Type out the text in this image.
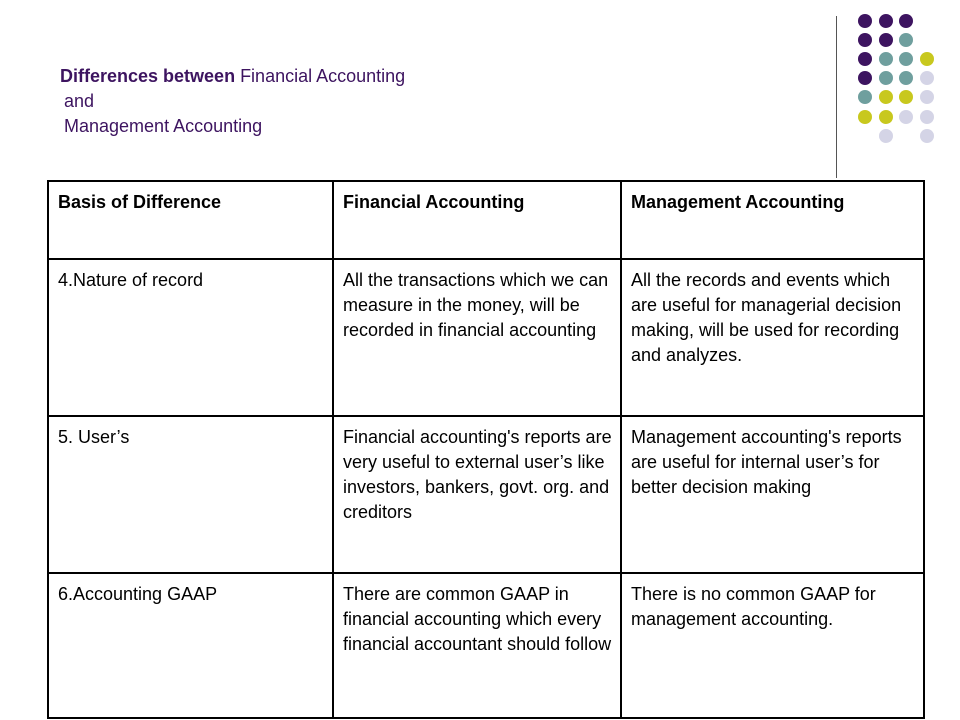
Differences between Financial Accounting
and
Management Accounting
Basis of Difference	Financial Accounting	Management Accounting
4.Nature of record	All the transactions which we can measure in the money, will be recorded in financial accounting	All the records and events which are useful for managerial decision making, will be used for recording and analyzes.
5. User’s	Financial accounting's reports are very useful to external user’s like investors, bankers, govt. org. and creditors	Management accounting's reports are useful for internal user’s for better decision making
6.Accounting GAAP	There are common GAAP in financial accounting which every financial accountant should follow	There is no common GAAP for management accounting.
